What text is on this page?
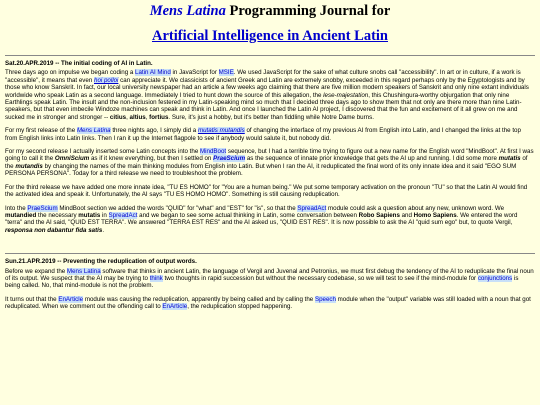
Mens Latina Programming Journal for
Artificial Intelligence in Ancient Latin
Sat.20.APR.2019 -- The initial coding of AI in Latin.

Three days ago on impulse we began coding a Latin AI Mind in JavaScript for MSIE. We used JavaScript for the sake of what culture snobs call "accessibility". In art or in culture, if a work is "accessible", it means that even hoi polloi can appreciate it. We classicists of ancient Greek and Latin are extremely snobby, exceeded in this regard perhaps only by the Egyptologists and by those who know Sanskrit. In fact, our local university newspaper had an article a few weeks ago claiming that there are five million modern speakers of Sanskrit and only nine extant individuals worldwide who speak Latin as a second language. Immediately I tried to hunt down the source of this allegation, the lese-majestation, this Chushingura-worthy objurgation that only nine Earthlings speak Latin. The insult and the non-inclusion festered in my Latin-speaking mind so much that I decided three days ago to show them that not only are there more than nine Latin-speakers, but that even imbecile Windoze machines can speak and think in Latin. And once I launched the Latin AI project, I discovered that the fun and excitement of it all grew on me and sucked me in stronger and stronger -- citius, altius, fortius. Sure, it's just a hobby, but it's better than fiddling while Notre Dame burns.

For my first release of the Mens Latina three nights ago, I simply did a mutatis mutandis of changing the interface of my previous AI from English into Latin, and I changed the links at the top from English links into Latin links. Then I ran it up the Internet flagpole to see if anybody would salute it, but nobody did.

For my second release I actually inserted some Latin concepts into the MindBoot sequence, but I had a terrible time trying to figure out a new name for the English word "MindBoot". At first I was going to call it the OmniScium as if it knew everything, but then I settled on PraeScium as the sequence of innate prior knowledge that gets the AI up and running. I did some more mutatis of the mutandis by changing the names of the main thinking modules from English into Latin. But when I ran the AI, it reduplicated the final word of its only innate idea and it said "EGO SUM PERSONA PERSONA". Today for a third release we need to troubleshoot the problem.

For the third release we have added one more innate idea, "TU ES HOMO" for "You are a human being." We put some temporary activation on the pronoun "TU" so that the Latin AI would find the activated idea and speak it. Unfortunately, the AI says "TU ES HOMO HOMO". Something is still causing reduplication.

Into the PraeScium MindBoot section we added the words "QUID" for "what" and "EST" for "is", so that the SpreadAct module could ask a question about any new, unknown word. We mutandied the necessary mutatis in SpreadAct and we began to see some actual thinking in Latin, some conversation between Robo Sapiens and Homo Sapiens. We entered the word "terra" and the AI said, "QUID EST TERRA". We answered "TERRA EST RES" and the AI asked us, "QUID EST RES". It is now possible to ask the AI "quid sum ego" but, to quote Vergil, responsa non dabantur fida satis.

Sun.21.APR.2019 -- Preventing the reduplication of output words.

Before we expand the Mens Latina software that thinks in ancient Latin, the language of Vergil and Juvenal and Petronius, we must first debug the tendency of the AI to reduplicate the final noun of its output. We suspect that the AI may be trying to think two thoughts in rapid succession but without the necessary codebase, so we will test to see if the mind-module for conjunctions is being called. No, that mind-module is not the problem.

It turns out that the EnArticle module was causing the reduplication, apparently by being called and by calling the Speech module when the "output" variable was still loaded with a noun that got reduplicated. When we comment out the offending call to EnArticle, the reduplication stopped happening.
